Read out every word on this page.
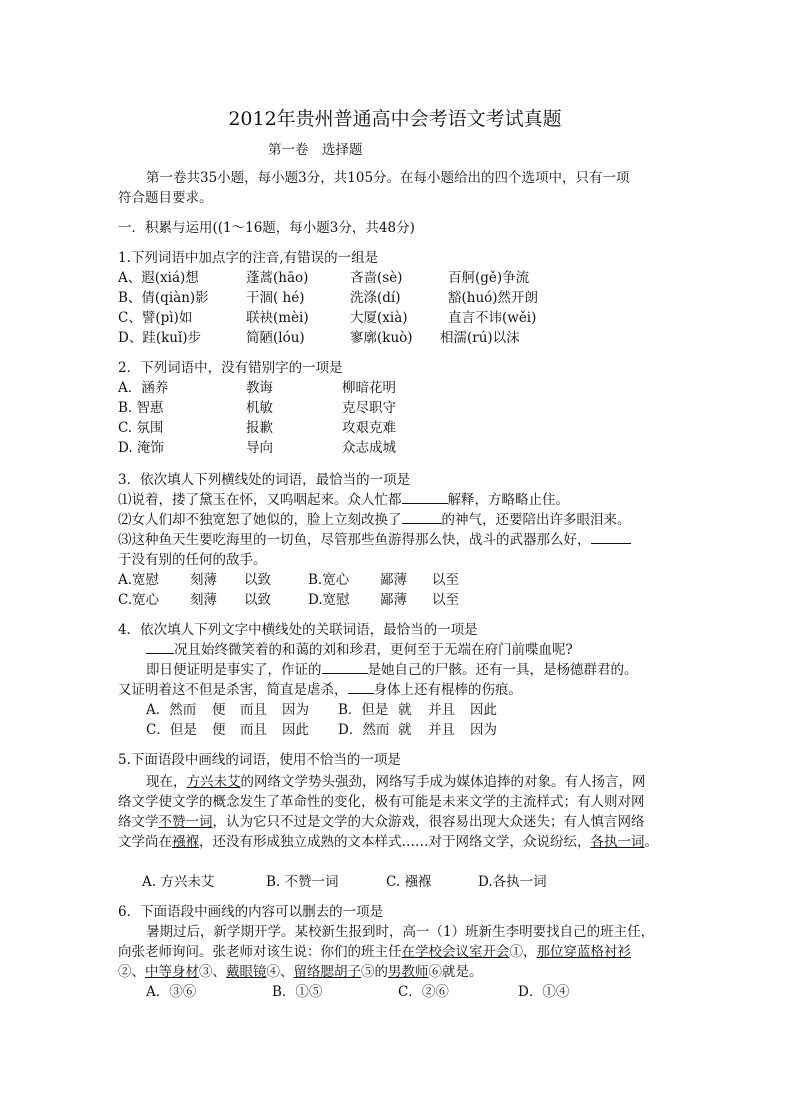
2012年贵州普通高中会考语文考试真题
第一卷　选择题
第一卷共35小题，每小题3分，共105分。在每小题给出的四个选项中，只有一项
符合题目要求。
一．积累与运用((1～16题，每小题3分，共48分)
1.下列词语中加点字的注音,有错误的一组是
A、遐(xiá)想	蓬蒿(hāo)	吝啬(sè)	百舸(gě)争流
B、倩(qiàn)影	干涸( hé)	洗涤(dí)	豁(huó)然开朗
C、譬(pì)如	联袂(mèi)	大厦(xià)	直言不讳(wěi)
D、跬(kuǐ)步	简陋(lóu)	寥廓(kuò) 相濡(rú)以沫
2．下列词语中，没有错别字的一项是
A．涵养	教诲	柳暗花明
B. 智惠	机敏	克尽职守
C. 氛围	报歉	攻艰克难
D. 淹饰	导向	众志成城
3．依次填人下列横线处的词语，最恰当的一项是
⑴说着，搂了黛玉在怀，又呜咽起来。众人忙都	解释，方略略止住。
⑵女人们却不独宽恕了她似的，脸上立刻改换了	的神气，还要陪出许多眼泪来。
⑶这种鱼天生要吃海里的一切鱼，尽管那些鱼游得那么快，战斗的武器那么好，
于没有别的任何的敌手。
A.宽慰 刻薄 以致	B.宽心 鄙薄 以至
C.宽心 刻薄 以致	D.宽慰 鄙薄 以至
4．依次填人下列文字中横线处的关联词语，最恰当的一项是
况且始终微笑着的和蔼的刘和珍君，更何至于无端在府门前喋血呢?
即日便证明是事实了，作证的	是她自己的尸骸。还有一具，是杨德群君的。
又证明着这不但是杀害，简直是虐杀， 身体上还有棍棒的伤痕。
A．然而 便 而且 因为 B．但是 就 并且 因此
C．但是 便 而且 因此 D．然而 就 并且 因为
5.下面语段中画线的词语，使用不恰当的一项是
现在，方兴未艾的网络文学势头强劲，网络写手成为媒体追捧的对象。有人扬言，网
络文学使文学的概念发生了革命性的变化，极有可能是未来文学的主流样式；有人则对网
络文学不赞一词，认为它只不过是文学的大众游戏，很容易出现大众迷失；有人慎言网络
文学尚在襁褓，还没有形成独立成熟的文本样式……对于网络文学，众说纷纭，各执一词。
A. 方兴未艾	B. 不赞一词	C. 襁褓	D.各执一词
6．下面语段中画线的内容可以删去的一项是
暑期过后，新学期开学。某校新生报到时，高一（1）班新生李明要找自己的班主任，
向张老师询问。张老师对该生说：你们的班主任在学校会议室开会①，那位穿蓝格衬衫
②、中等身材③、戴眼镜④、留络腮胡子⑤的男教师⑥就是。
A．③⑥	B．①⑤	C．②⑥	D．①④
